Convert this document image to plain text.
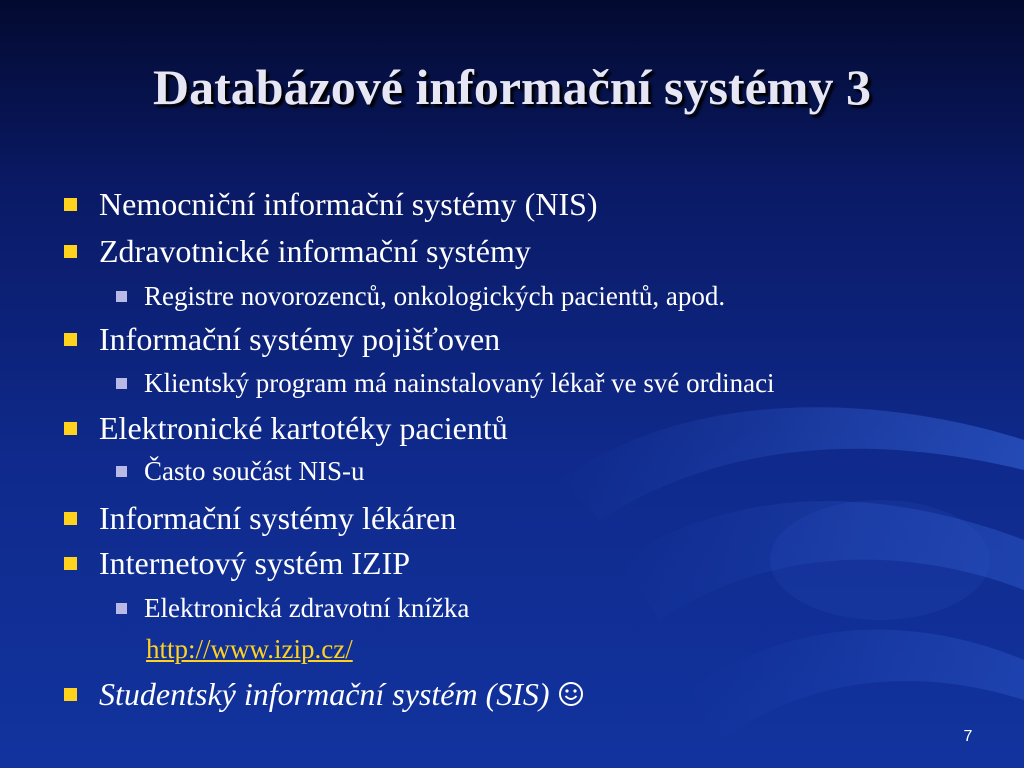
Databázové informační systémy 3
Nemocniční informační systémy (NIS)
Zdravotnické informační systémy
Registre novorozenců, onkologických pacientů, apod.
Informační systémy pojišťoven
Klientský program má nainstalovaný lékař ve své ordinaci
Elektronické kartotéky pacientů
Často součást NIS-u
Informační systémy lékáren
Internetový systém IZIP
Elektronická zdravotní knížka
http://www.izip.cz/
Studentský informační systém (SIS)
7
